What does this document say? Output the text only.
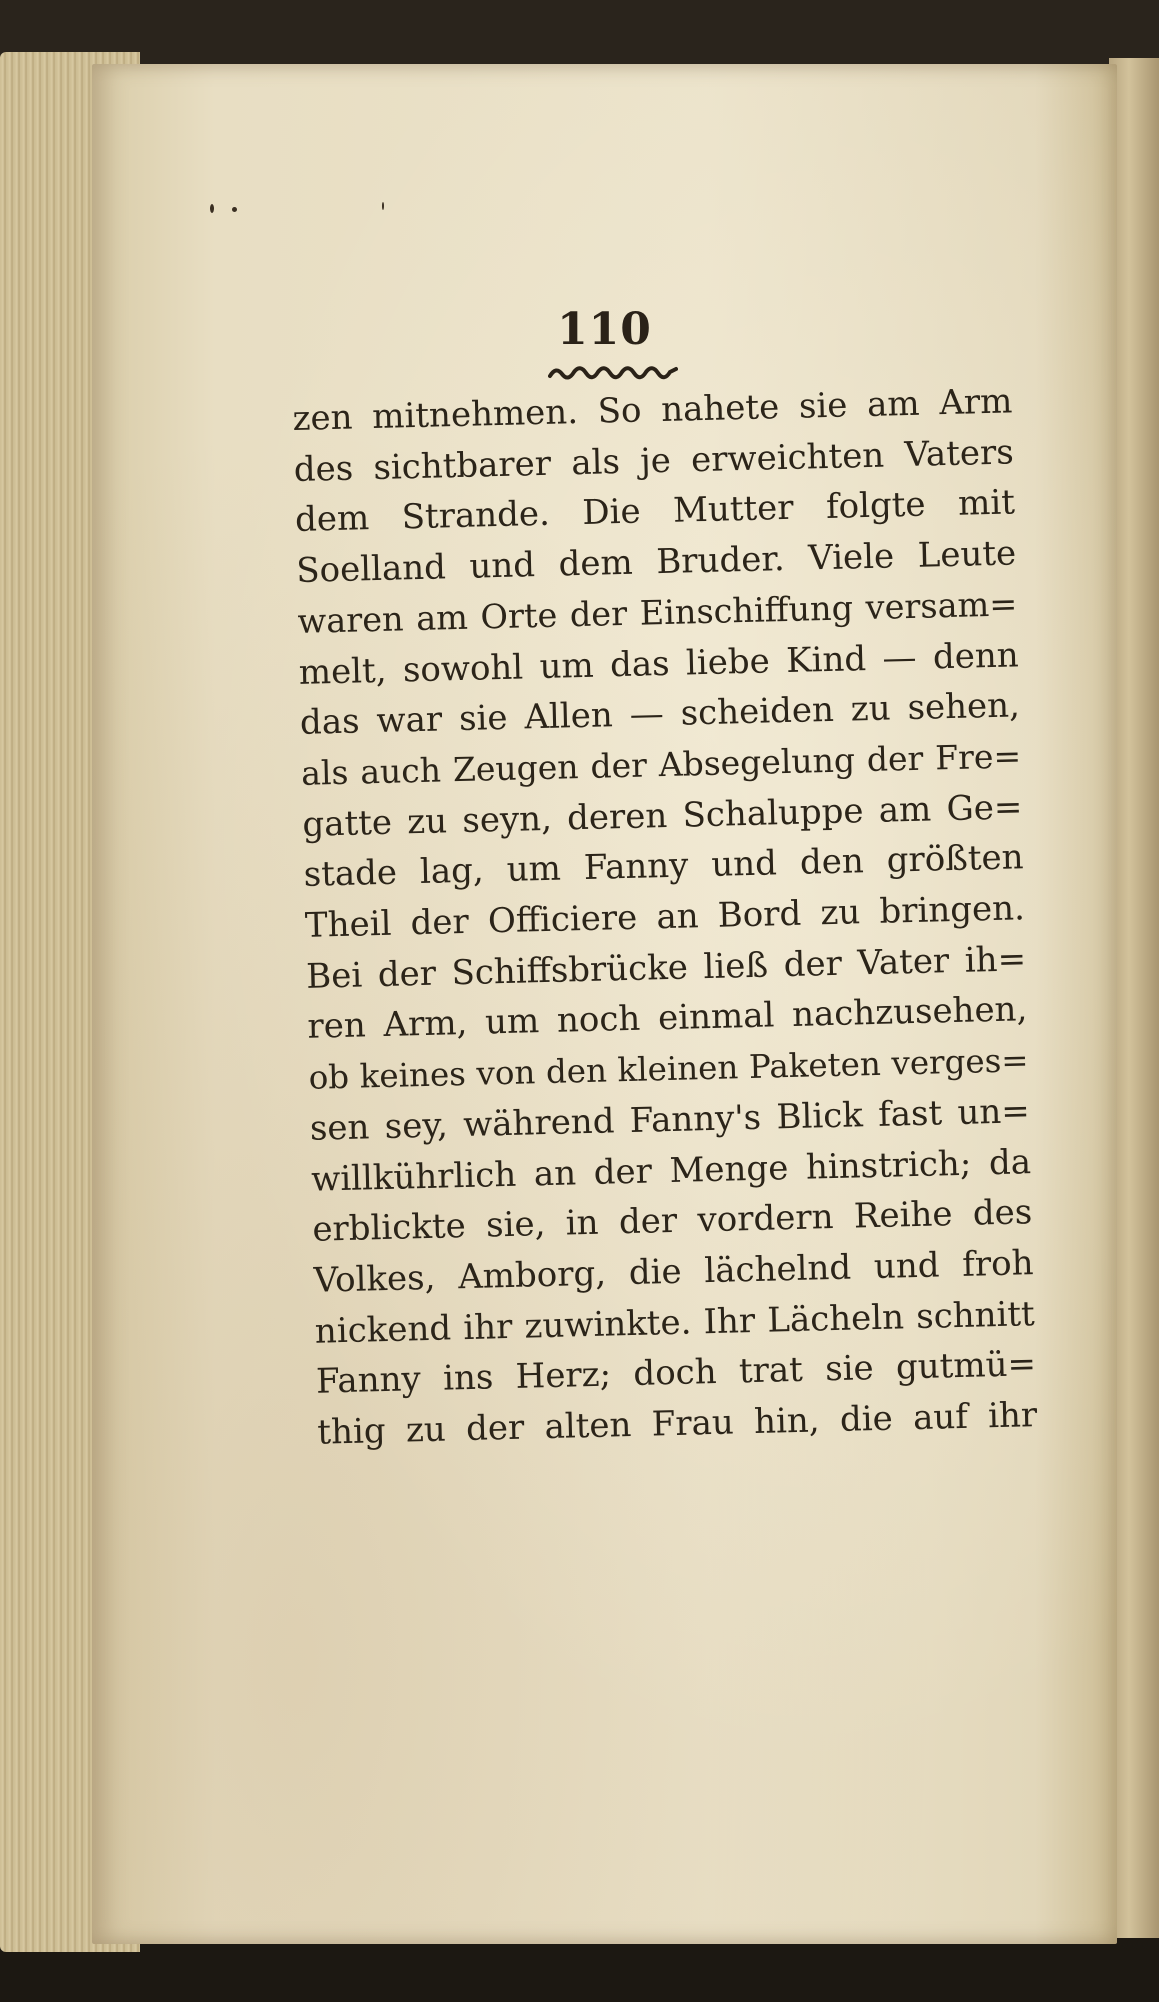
110

zen mitnehmen. So nahete sie am Arm

des sichtbarer als je erweichten Vaters

dem Strande. Die Mutter folgte mit

Soelland und dem Bruder. Viele Leute

waren am Orte der Einschiffung versam=

melt, sowohl um das liebe Kind — denn

das war sie Allen — scheiden zu sehen,

als auch Zeugen der Absegelung der Fre=

gatte zu seyn, deren Schaluppe am Ge=

stade lag, um Fanny und den größten

Theil der Officiere an Bord zu bringen.

Bei der Schiffsbrücke ließ der Vater ih=

ren Arm, um noch einmal nachzusehen,

ob keines von den kleinen Paketen verges=

sen sey, während Fanny's Blick fast un=

willkührlich an der Menge hinstrich; da

erblickte sie, in der vordern Reihe des

Volkes, Amborg, die lächelnd und froh

nickend ihr zuwinkte. Ihr Lächeln schnitt

Fanny ins Herz; doch trat sie gutmü=

thig zu der alten Frau hin, die auf ihr
